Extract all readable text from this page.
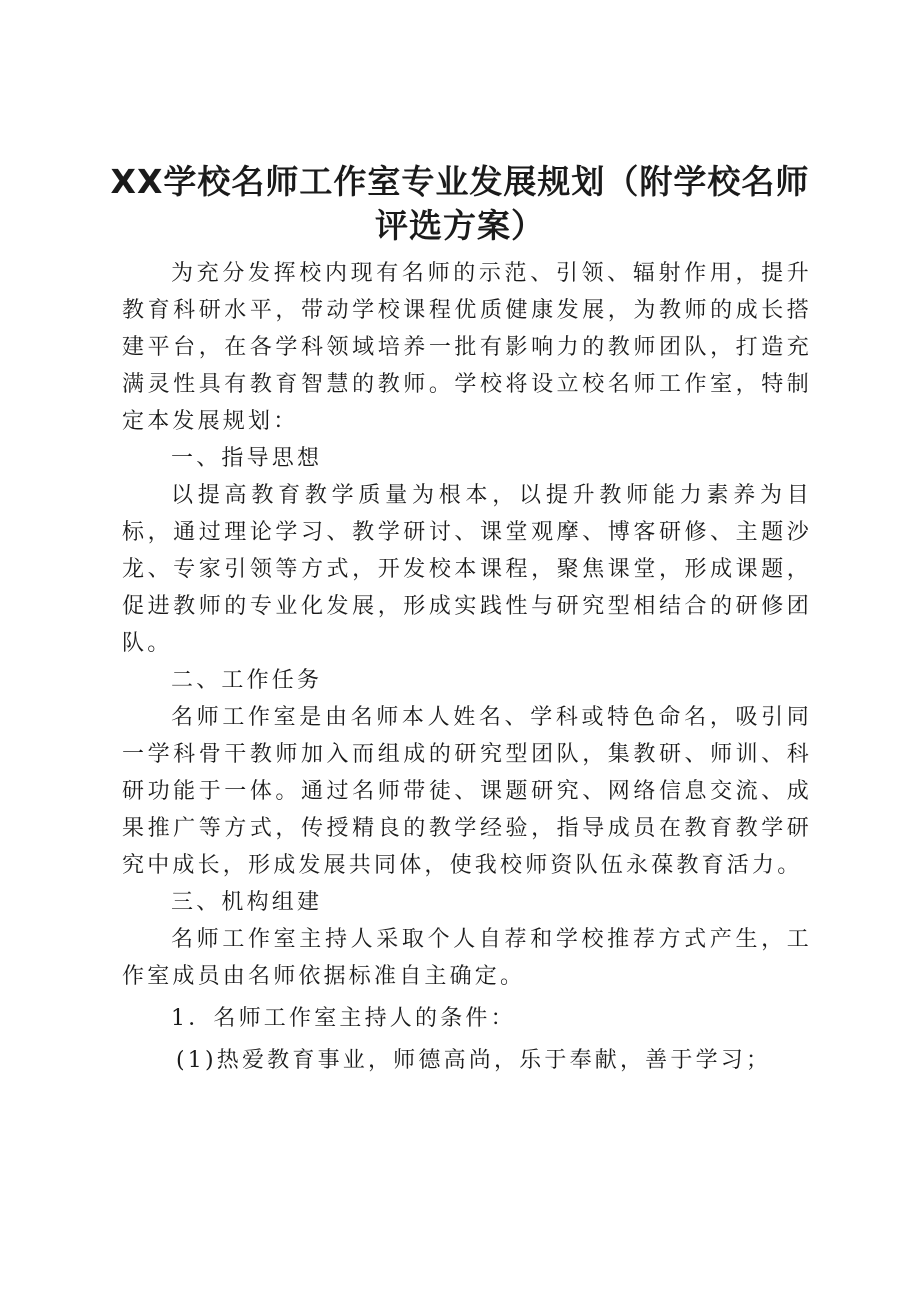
XX学校名师工作室专业发展规划（附学校名师评选方案）

为充分发挥校内现有名师的示范、引领、辐射作用，提升教育科研水平，带动学校课程优质健康发展，为教师的成长搭建平台，在各学科领域培养一批有影响力的教师团队，打造充满灵性具有教育智慧的教师。学校将设立校名师工作室，特制定本发展规划：

一、指导思想

以提高教育教学质量为根本，以提升教师能力素养为目标，通过理论学习、教学研讨、课堂观摩、博客研修、主题沙龙、专家引领等方式，开发校本课程，聚焦课堂，形成课题，促进教师的专业化发展，形成实践性与研究型相结合的研修团队。

二、工作任务

名师工作室是由名师本人姓名、学科或特色命名，吸引同一学科骨干教师加入而组成的研究型团队，集教研、师训、科研功能于一体。通过名师带徒、课题研究、网络信息交流、成果推广等方式，传授精良的教学经验，指导成员在教育教学研究中成长，形成发展共同体，使我校师资队伍永葆教育活力。

三、机构组建

名师工作室主持人采取个人自荐和学校推荐方式产生，工作室成员由名师依据标准自主确定。

1．名师工作室主持人的条件：

(1)热爱教育事业，师德高尚，乐于奉献，善于学习；
